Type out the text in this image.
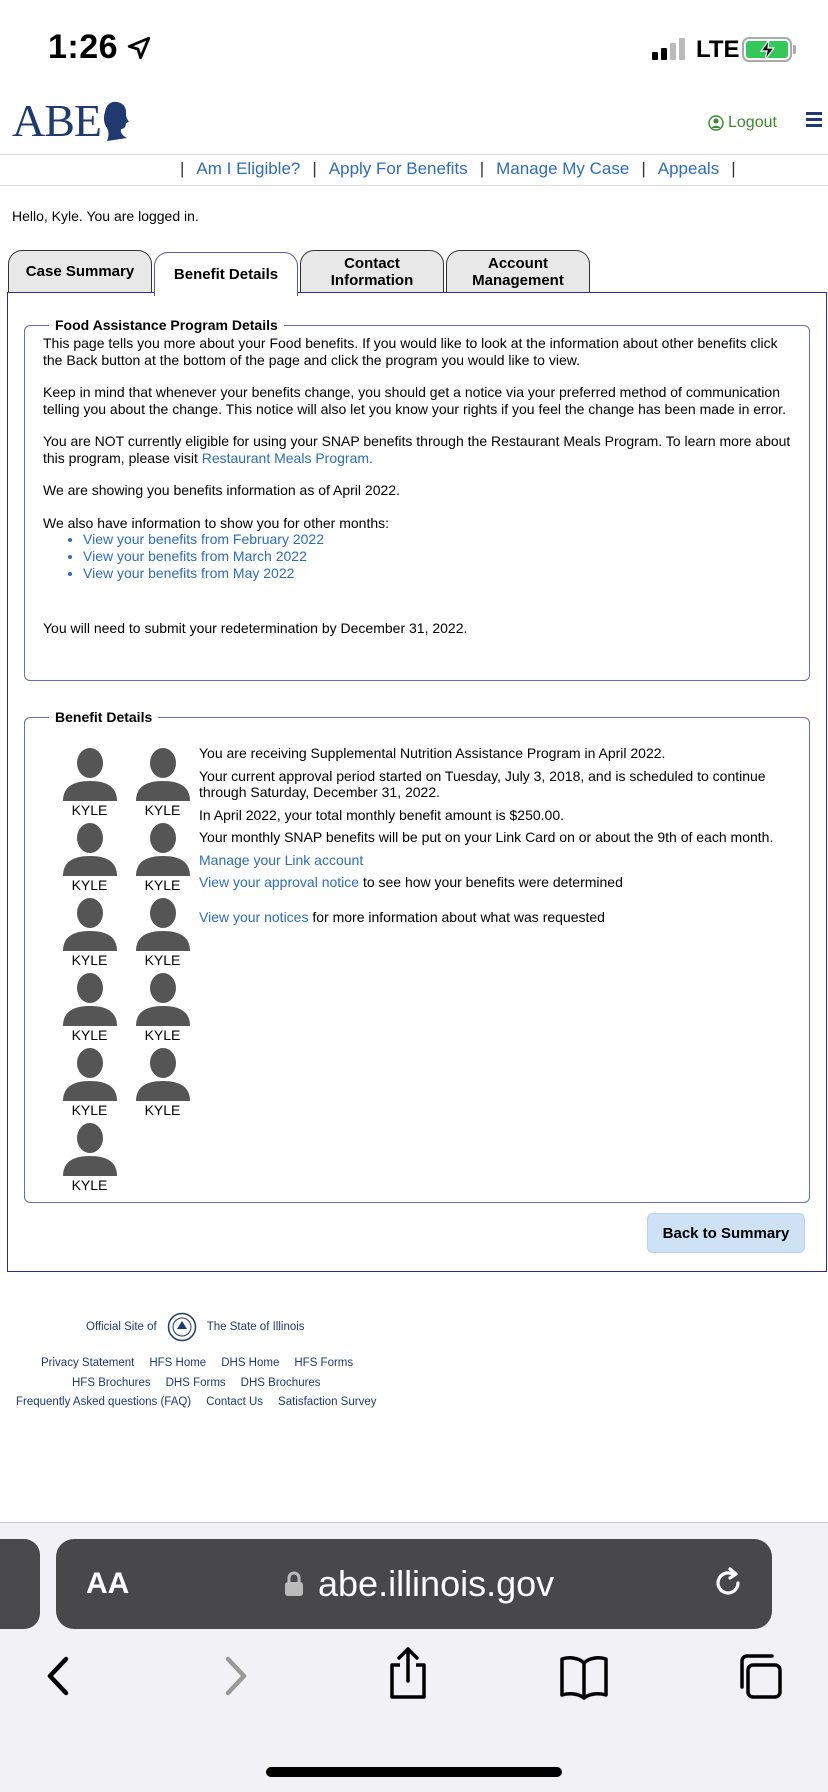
1:26	LTE
ABE	Logout
| Am I Eligible? | Apply For Benefits | Manage My Case | Appeals |
Hello, Kyle. You are logged in.
Case Summary	Benefit Details
Contact Information
Account Management
Food Assistance Program Details

This page tells you more about your Food benefits. If you would like to look at the information about other benefits click the Back button at the bottom of the page and click the program you would like to view.

Keep in mind that whenever your benefits change, you should get a notice via your preferred method of communication telling you about the change. This notice will also let you know your rights if you feel the change has been made in error.

You are NOT currently eligible for using your SNAP benefits through the Restaurant Meals Program. To learn more about this program, please visit Restaurant Meals Program.

We are showing you benefits information as of April 2022.

We also have information to show you for other months:

• View your benefits from February 2022
• View your benefits from March 2022
• View your benefits from May 2022

You will need to submit your redetermination by December 31, 2022.

Benefit Details
KYLE	KYLE
KYLE	KYLE
KYLE	KYLE
KYLE	KYLE
KYLE	KYLE
KYLE

You are receiving Supplemental Nutrition Assistance Program in April 2022.

Your current approval period started on Tuesday, July 3, 2018, and is scheduled to continue through Saturday, December 31, 2022.

In April 2022, your total monthly benefit amount is $250.00.

Your monthly SNAP benefits will be put on your Link Card on or about the 9th of each month.

Manage your Link account

View your approval notice to see how your benefits were determined

View your notices for more information about what was requested

Back to Summary
Official Site of	The State of Illinois
Privacy Statement HFS Home DHS Home HFS Forms
HFS Brochures DHS Forms DHS Brochures
Frequently Asked questions (FAQ) Contact Us Satisfaction Survey
AA	abe.illinois.gov
